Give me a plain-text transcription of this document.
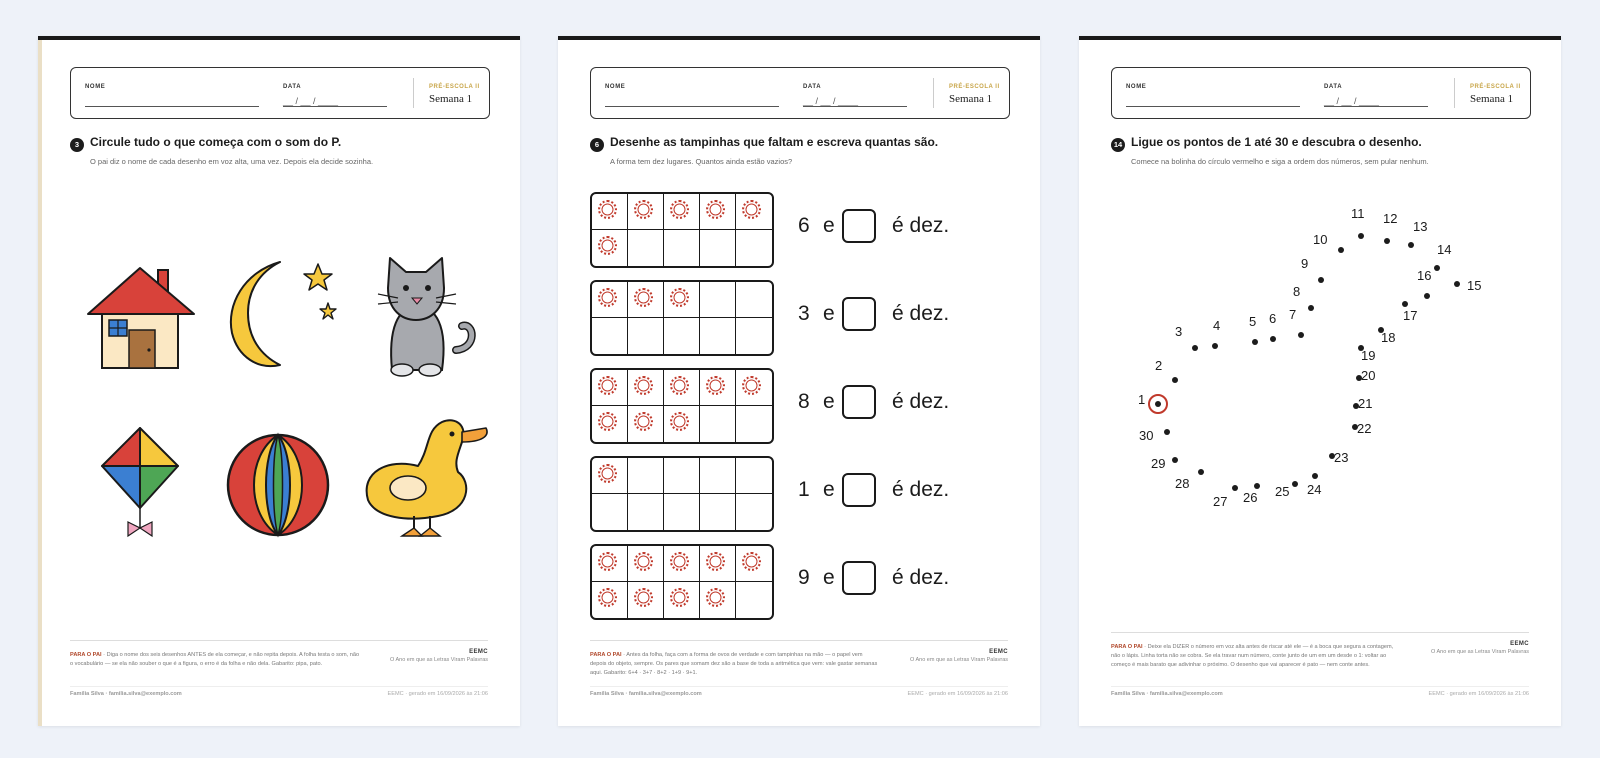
NOME	DATA
__ / __ / ____
PRÉ-ESCOLA II
Semana 1
3 Circule tudo o que começa com o som do P.
O pai diz o nome de cada desenho em voz alta, uma vez. Depois ela decide sozinha.
PARA O PAI · Diga o nome dos seis desenhos ANTES de ela começar, e não repita depois. A folha testa o som, não o vocabulário — se ela não souber o que é a figura, o erro é da folha e não dela. Gabarito: pipa, pato.
EEMC
O Ano em que as Letras Viram Palavras
Família Silva · familia.silva@exemplo.com	EEMC · gerado em 16/09/2026 às 21:06
NOME	DATA
__ / __ / ____
PRÉ-ESCOLA II
Semana 1
6 Desenhe as tampinhas que faltam e escreva quantas são.
A forma tem dez lugares. Quantos ainda estão vazios?
6 e	é dez.
3 e	é dez.
8 e	é dez.
1 e	é dez.
9 e	é dez.
PARA O PAI · Antes da folha, faça com a forma de ovos de verdade e com tampinhas na mão — o papel vem depois do objeto, sempre. Os pares que somam dez são a base de toda a aritmética que vem: vale gastar semanas aqui. Gabarito: 6+4 · 3+7 · 8+2 · 1+9 · 9+1.
EEMC
O Ano em que as Letras Viram Palavras
Família Silva · familia.silva@exemplo.com	EEMC · gerado em 16/09/2026 às 21:06
NOME	DATA
__ / __ / ____
PRÉ-ESCOLA II
Semana 1
14 Ligue os pontos de 1 até 30 e descubra o desenho.
Comece na bolinha do círculo vermelho e siga a ordem dos números, sem pular nenhum.
1
2
3 4 5 6 7
8
9
10
11 12
13
14
15
16
17
18
19
20
21
22
23
24
25
26
27
28
29
30
PARA O PAI · Deixe ela DIZER o número em voz alta antes de riscar até ele — é a boca que segura a contagem, não o lápis. Linha torta não se cobra. Se ela travar num número, conte junto de um em um desde o 1: voltar ao começo é mais barato que adivinhar o próximo. O desenho que vai aparecer é pato — nem conte antes.
EEMC
O Ano em que as Letras Viram Palavras
Família Silva · familia.silva@exemplo.com	EEMC · gerado em 16/09/2026 às 21:06
